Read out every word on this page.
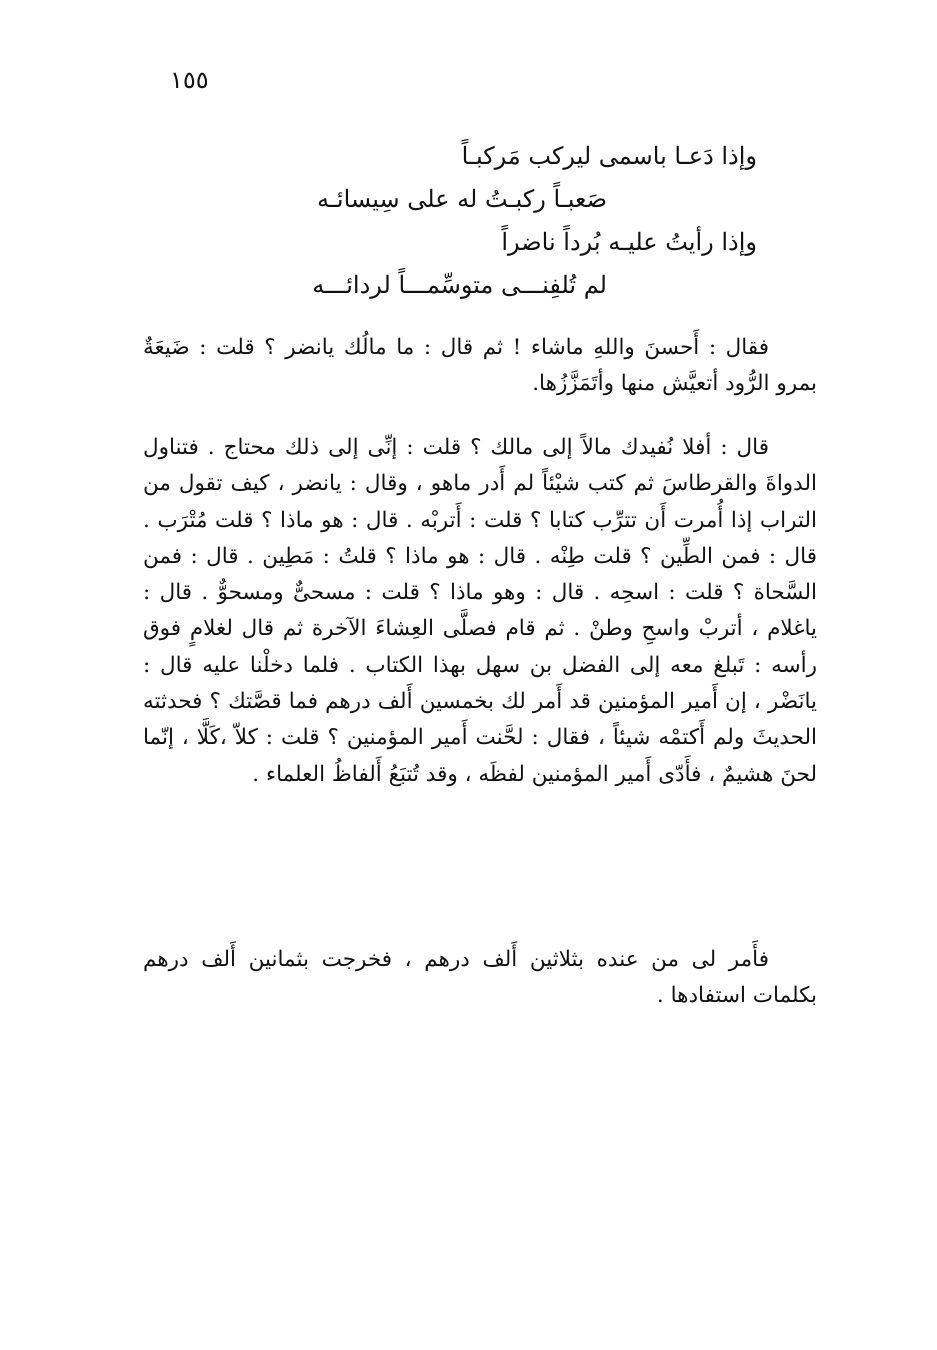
١٥٥
وإذا دَعـا باسمى ليركب مَركبـاً
صَعبـاً ركبـتُ له على سِيسائـه
وإذا رأيتُ عليـه بُرداً ناضراً
لم تُلفِنـــى متوسِّمـــاً لردائـــه

فقال : أَحسنَ واللهِ ماشاء ! ثم قال : ما مالُك يانضر ؟ قلت : ضَيعَةٌ بمرو الرُّود أتعيَّش منها وأتَمَزَّزُها.

قال : أفلا نُفيدك مالاً إلى مالك ؟ قلت : إنِّى إلى ذلك محتاج . فتناول الدواةَ والقرطاسَ ثم كتب شيْئاً لم أَدر ماهو ، وقال : يانضر ، كيف تقول من التراب إذا أُمرت أَن تترِّب كتابا ؟ قلت : أَتربْه . قال : هو ماذا ؟ قلت مُتْرَب . قال : فمن الطِّين ؟ قلت طِنْه . قال : هو ماذا ؟ قلتُ : مَطِين . قال : فمن السَّحاة ؟ قلت : اسحِه . قال : وهو ماذا ؟ قلت : مسحىٌّ ومسحوٌّ . قال : ياغلام ، أتربْ واسحِ وطنْ . ثم قام فصلَّى العِشاءَ الآخرة ثم قال لغلامٍ فوق رأسه : تَبلغ معه إلى الفضل بن سهل بهذا الكتاب . فلما دخلْنا عليه قال : يانَضْر ، إن أَمير المؤمنين قد أَمر لك بخمسين أَلف درهم فما قصَّتك ؟ فحدثته الحديثَ ولم أَكتمْه شيئاً ، فقال : لحَّنت أَمير المؤمنين ؟ قلت : كلاّ ،كَلَّا ، إنّما لحنَ هشيمٌ ، فأَدّى أَمير المؤمنين لفظَه ، وقد تُتبَعُ أَلفاظُ العلماء .

فأَمر لى من عنده بثلاثين أَلف درهم ، فخرجت بثمانين أَلف درهم بكلمات استفادها .
